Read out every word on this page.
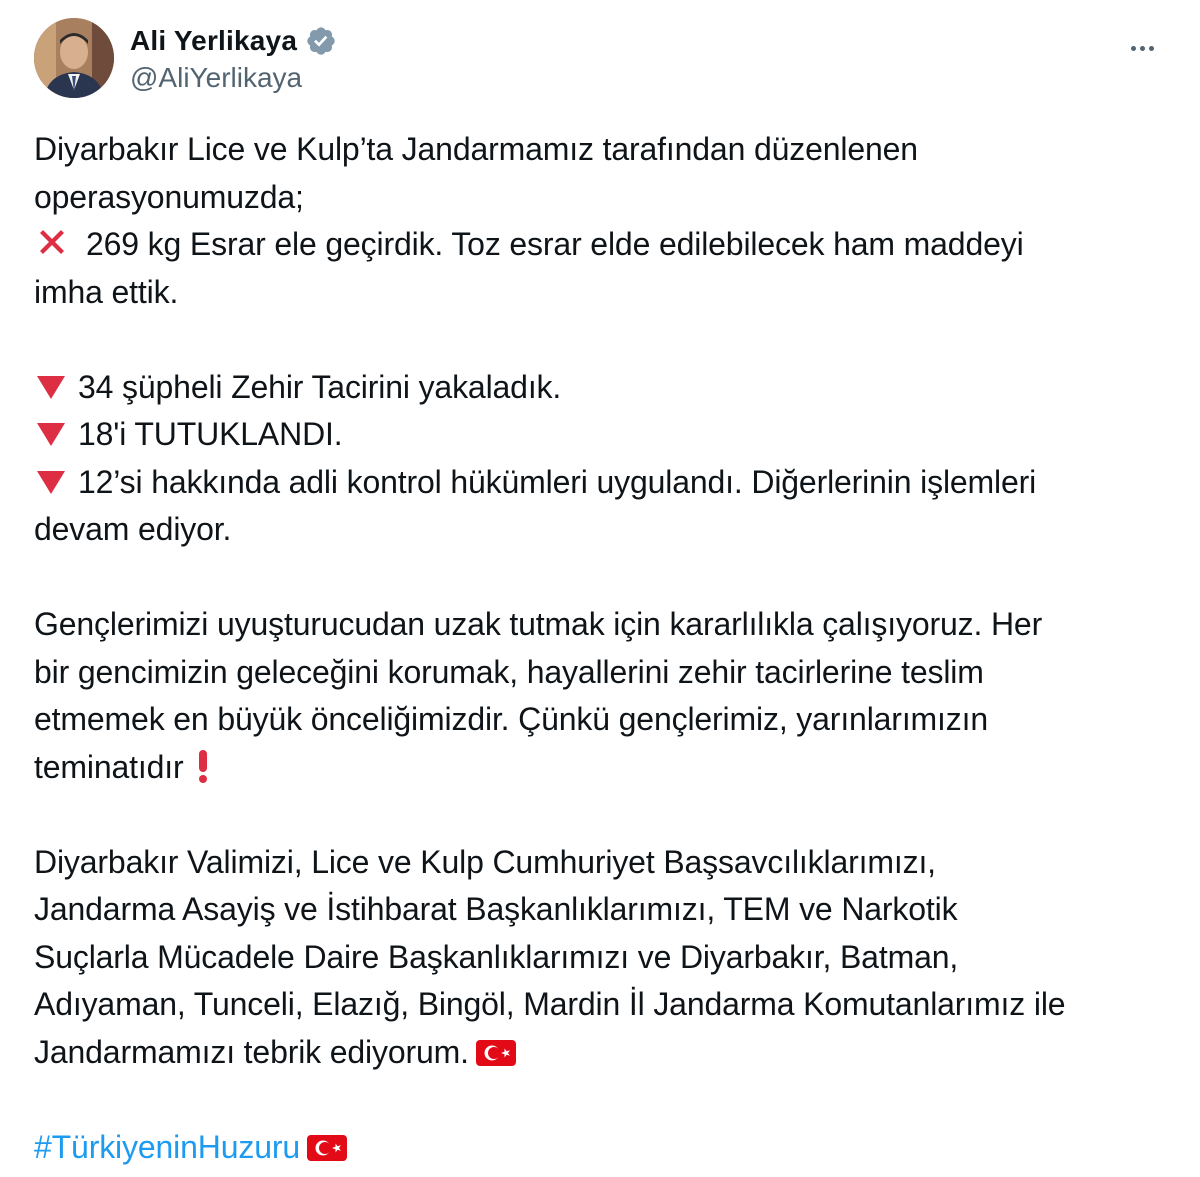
Ali Yerlikaya
@AliYerlikaya
Diyarbakır Lice ve Kulp’ta Jandarmamız tarafından düzenlenen
operasyonumuzda;
269 kg Esrar ele geçirdik. Toz esrar elde edilebilecek ham maddeyi
imha ettik.
34 şüpheli Zehir Tacirini yakaladık.
18'i TUTUKLANDI.
12’si hakkında adli kontrol hükümleri uygulandı. Diğerlerinin işlemleri
devam ediyor.
Gençlerimizi uyuşturucudan uzak tutmak için kararlılıkla çalışıyoruz. Her
bir gencimizin geleceğini korumak, hayallerini zehir tacirlerine teslim
etmemek en büyük önceliğimizdir. Çünkü gençlerimiz, yarınlarımızın
teminatıdır
Diyarbakır Valimizi, Lice ve Kulp Cumhuriyet Başsavcılıklarımızı,
Jandarma Asayiş ve İstihbarat Başkanlıklarımızı, TEM ve Narkotik
Suçlarla Mücadele Daire Başkanlıklarımızı ve Diyarbakır, Batman,
Adıyaman, Tunceli, Elazığ, Bingöl, Mardin İl Jandarma Komutanlarımız ile
Jandarmamızı tebrik ediyorum.
#TürkiyeninHuzuru
